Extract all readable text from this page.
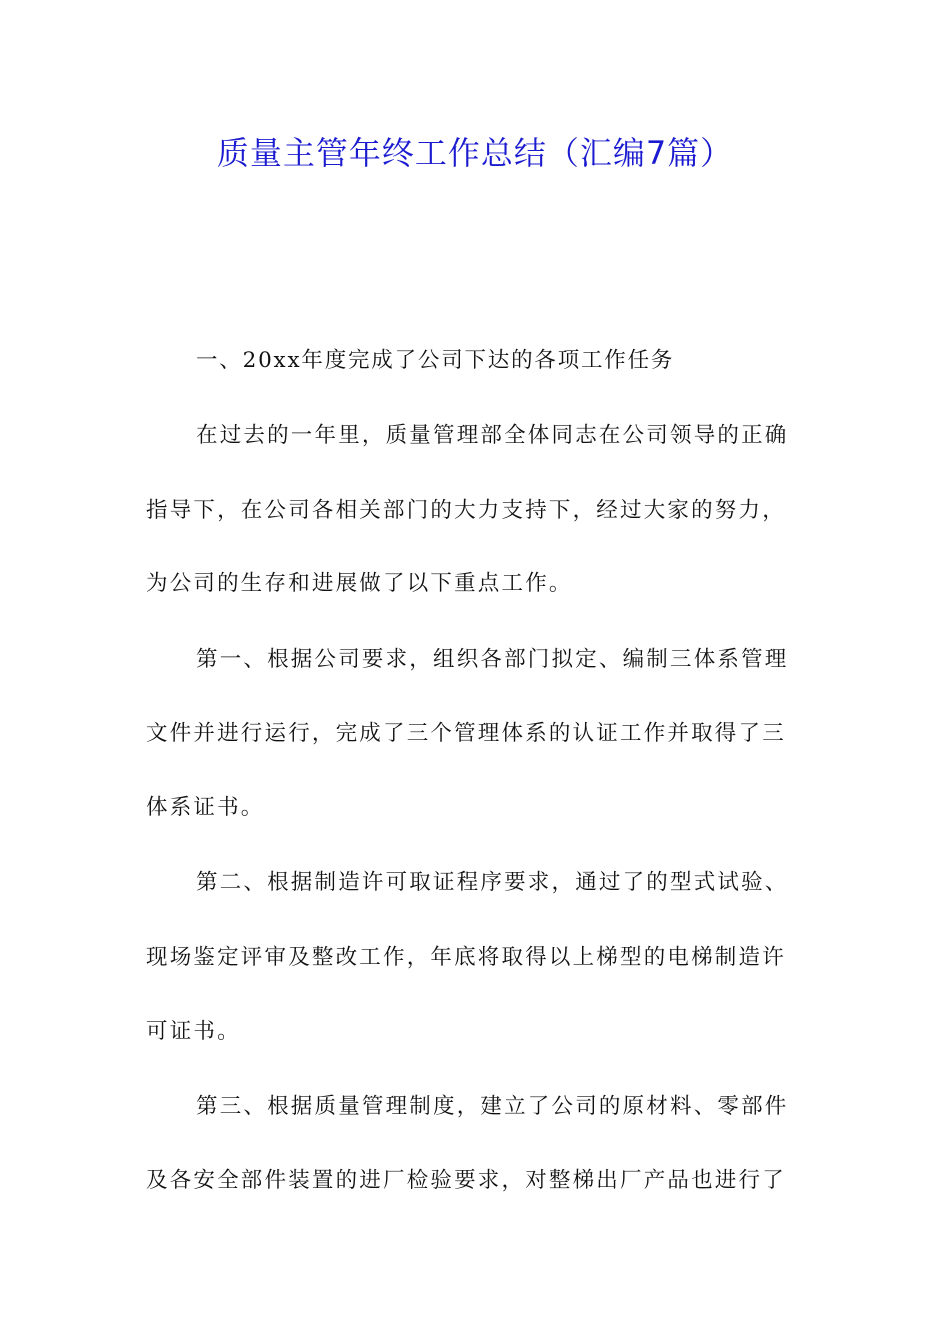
质量主管年终工作总结（汇编7篇）
一、20xx年度完成了公司下达的各项工作任务
在过去的一年里，质量管理部全体同志在公司领导的正确
指导下，在公司各相关部门的大力支持下，经过大家的努力，
为公司的生存和进展做了以下重点工作。
第一、根据公司要求，组织各部门拟定、编制三体系管理
文件并进行运行，完成了三个管理体系的认证工作并取得了三
体系证书。
第二、根据制造许可取证程序要求，通过了的型式试验、
现场鉴定评审及整改工作，年底将取得以上梯型的电梯制造许
可证书。
第三、根据质量管理制度，建立了公司的原材料、零部件
及各安全部件装置的进厂检验要求，对整梯出厂产品也进行了
